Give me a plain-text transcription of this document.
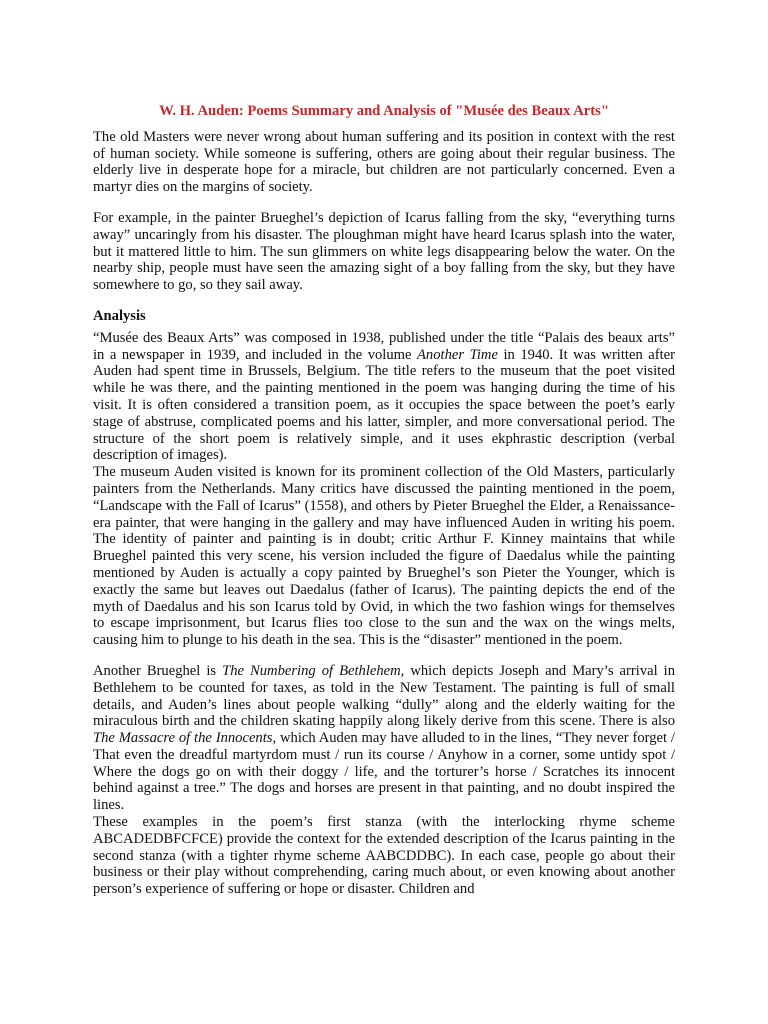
W. H. Auden: Poems Summary and Analysis of "Musée des Beaux Arts"

The old Masters were never wrong about human suffering and its position in context with the rest of human society. While someone is suffering, others are going about their regular business. The elderly live in desperate hope for a miracle, but children are not particularly concerned. Even a martyr dies on the margins of society.

For example, in the painter Brueghel’s depiction of Icarus falling from the sky, “everything turns away” uncaringly from his disaster. The ploughman might have heard Icarus splash into the water, but it mattered little to him. The sun glimmers on white legs disappearing below the water. On the nearby ship, people must have seen the amazing sight of a boy falling from the sky, but they have somewhere to go, so they sail away.

Analysis

“Musée des Beaux Arts” was composed in 1938, published under the title “Palais des beaux arts” in a newspaper in 1939, and included in the volume Another Time in 1940. It was written after Auden had spent time in Brussels, Belgium. The title refers to the museum that the poet visited while he was there, and the painting mentioned in the poem was hanging during the time of his visit. It is often considered a transition poem, as it occupies the space between the poet’s early stage of abstruse, complicated poems and his latter, simpler, and more conversational period. The structure of the short poem is relatively simple, and it uses ekphrastic description (verbal description of images).

The museum Auden visited is known for its prominent collection of the Old Masters, particularly painters from the Netherlands. Many critics have discussed the painting mentioned in the poem, “Landscape with the Fall of Icarus” (1558), and others by Pieter Brueghel the Elder, a Renaissance-era painter, that were hanging in the gallery and may have influenced Auden in writing his poem. The identity of painter and painting is in doubt; critic Arthur F. Kinney maintains that while Brueghel painted this very scene, his version included the figure of Daedalus while the painting mentioned by Auden is actually a copy painted by Brueghel’s son Pieter the Younger, which is exactly the same but leaves out Daedalus (father of Icarus). The painting depicts the end of the myth of Daedalus and his son Icarus told by Ovid, in which the two fashion wings for themselves to escape imprisonment, but Icarus flies too close to the sun and the wax on the wings melts, causing him to plunge to his death in the sea. This is the “disaster” mentioned in the poem.

Another Brueghel is The Numbering of Bethlehem, which depicts Joseph and Mary’s arrival in Bethlehem to be counted for taxes, as told in the New Testament. The painting is full of small details, and Auden’s lines about people walking “dully” along and the elderly waiting for the miraculous birth and the children skating happily along likely derive from this scene. There is also The Massacre of the Innocents, which Auden may have alluded to in the lines, “They never forget / That even the dreadful martyrdom must / run its course / Anyhow in a corner, some untidy spot / Where the dogs go on with their doggy / life, and the torturer’s horse / Scratches its innocent behind against a tree.” The dogs and horses are present in that painting, and no doubt inspired the lines.

These examples in the poem’s first stanza (with the interlocking rhyme scheme ABCADEDBFCFCE) provide the context for the extended description of the Icarus painting in the second stanza (with a tighter rhyme scheme AABCDDBC). In each case, people go about their business or their play without comprehending, caring much about, or even knowing about another person’s experience of suffering or hope or disaster. Children and
